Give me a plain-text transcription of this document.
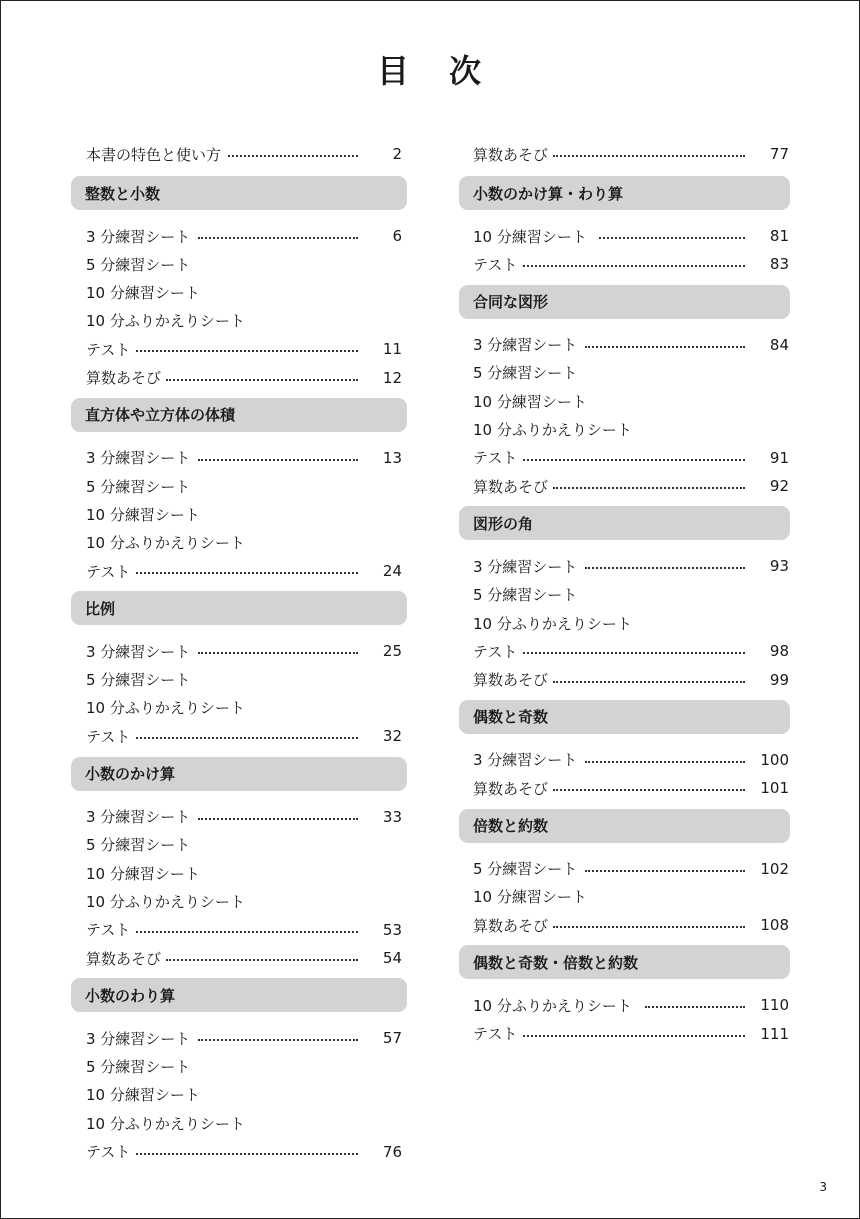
目 次
本書の特色と使い方	2
整数と小数
3 分練習シート	6
5 分練習シート
10 分練習シート
10 分ふりかえりシート
テスト	11
算数あそび	12
直方体や立方体の体積
3 分練習シート	13
5 分練習シート
10 分練習シート
10 分ふりかえりシート
テスト	24
比例
3 分練習シート	25
5 分練習シート
10 分ふりかえりシート
テスト	32
小数のかけ算
3 分練習シート	33
5 分練習シート
10 分練習シート
10 分ふりかえりシート
テスト	53
算数あそび	54
小数のわり算
3 分練習シート	57
5 分練習シート
10 分練習シート
10 分ふりかえりシート
テスト	76
算数あそび	77
小数のかけ算・わり算
10 分練習シート	81
テスト	83
合同な図形
3 分練習シート	84
5 分練習シート
10 分練習シート
10 分ふりかえりシート
テスト	91
算数あそび	92
図形の角
3 分練習シート	93
5 分練習シート
10 分ふりかえりシート
テスト	98
算数あそび	99
偶数と奇数
3 分練習シート	100
算数あそび	101
倍数と約数
5 分練習シート	102
10 分練習シート
算数あそび	108
偶数と奇数・倍数と約数
10 分ふりかえりシート	110
テスト	111
3
